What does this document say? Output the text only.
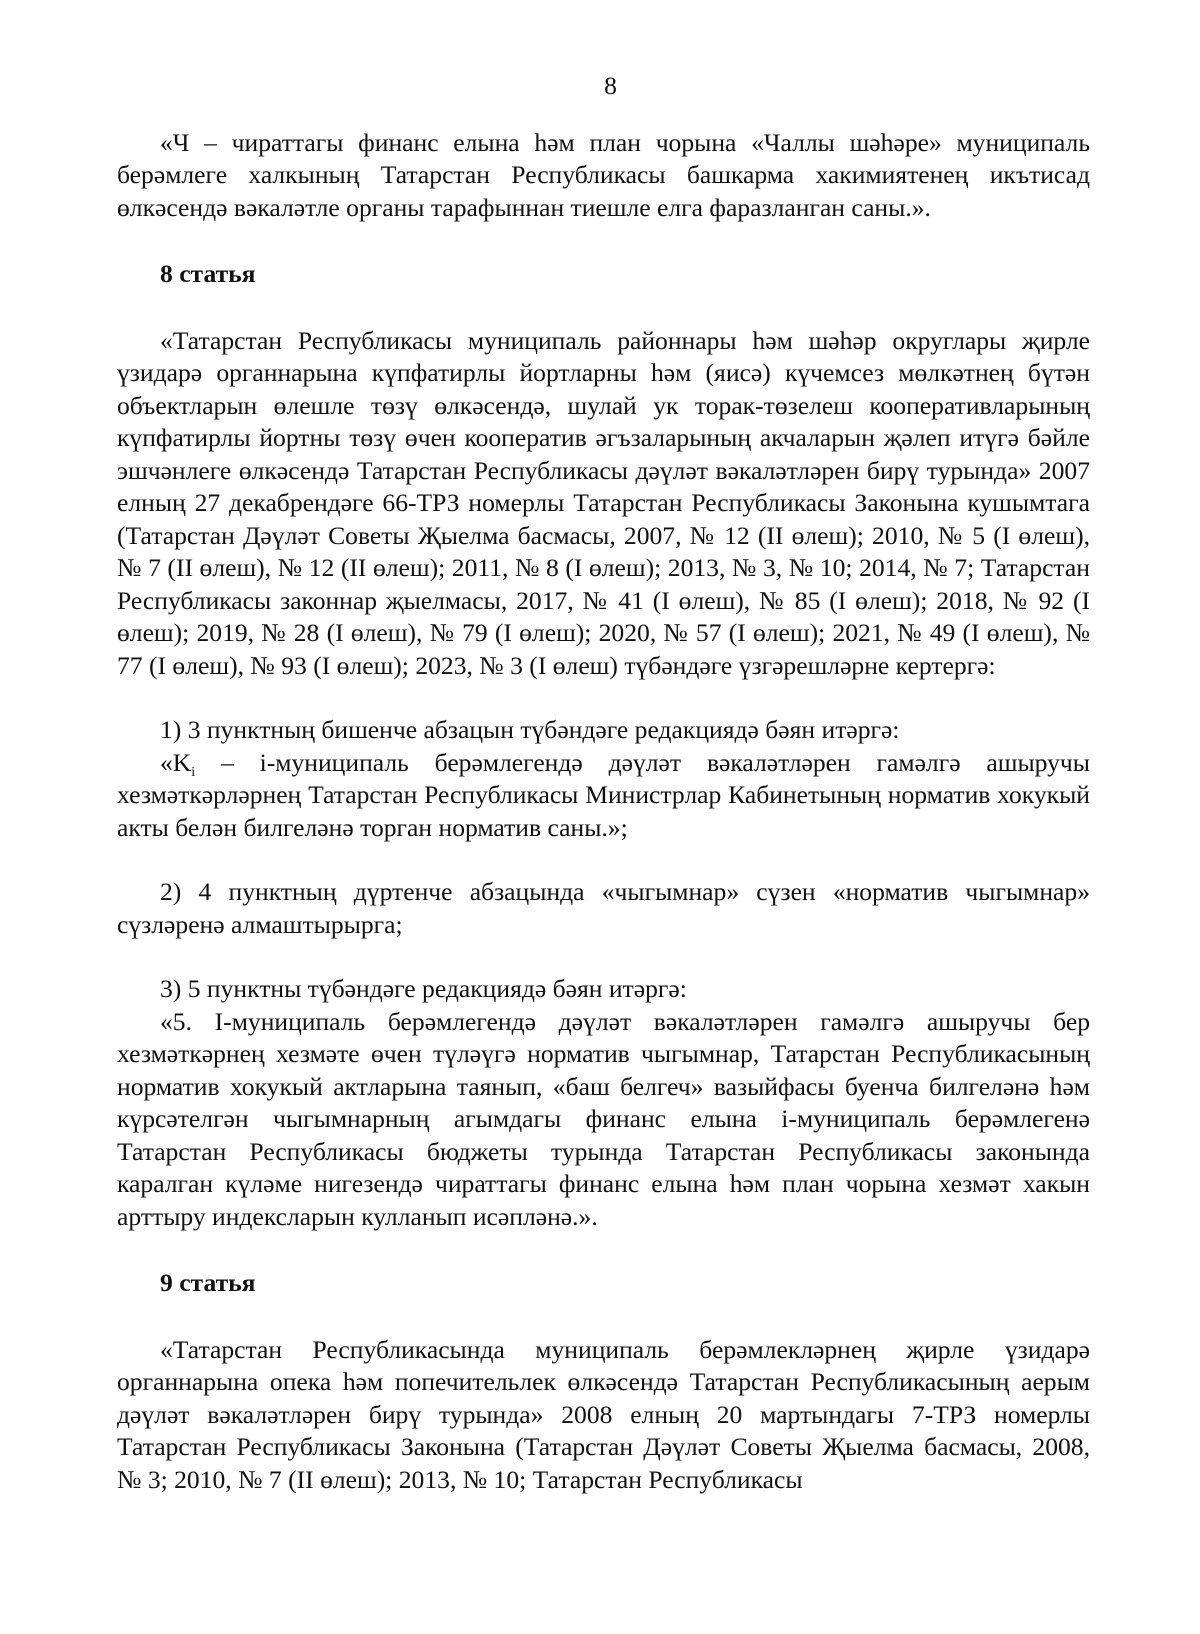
8

«Ч – чираттагы финанс елына һәм план чорына «Чаллы шәһәре» муниципаль берәмлеге халкының Татарстан Республикасы башкарма хакимиятенең икътисад өлкәсендә вәкаләтле органы тарафыннан тиешле елга фаразланган саны.».

8 статья

«Татарстан Республикасы муниципаль районнары һәм шәһәр округлары җирле үзидарә органнарына күпфатирлы йортларны һәм (яисә) күчемсез мөлкәтнең бүтән объектларын өлешле төзү өлкәсендә, шулай ук торак-төзелеш кооперативларының күпфатирлы йортны төзү өчен кооператив әгъзаларының акчаларын җәлеп итүгә бәйле эшчәнлеге өлкәсендә Татарстан Республикасы дәүләт вәкаләтләрен бирү турында» 2007 елның 27 декабрендәге 66-ТРЗ номерлы Татарстан Республикасы Законына кушымтага (Татарстан Дәүләт Советы Җыелма басмасы, 2007, № 12 (II өлеш); 2010, № 5 (I өлеш), № 7 (II өлеш), № 12 (II өлеш); 2011, № 8 (I өлеш); 2013, № 3, № 10; 2014, № 7; Татарстан Республикасы законнар җыелмасы, 2017, № 41 (I өлеш), № 85 (I өлеш); 2018, № 92 (I өлеш); 2019, № 28 (I өлеш), № 79 (I өлеш); 2020, № 57 (I өлеш); 2021, № 49 (I өлеш), № 77 (I өлеш), № 93 (I өлеш); 2023, № 3 (I өлеш) түбәндәге үзгәрешләрне кертергә:

1) 3 пунктның бишенче абзацын түбәндәге редакциядә бәян итәргә:

«$K_i$ – i-муниципаль берәмлегендә дәүләт вәкаләтләрен гамәлгә ашыручы хезмәткәрләрнең Татарстан Республикасы Министрлар Кабинетының норматив хокукый акты белән билгеләнә торган норматив саны.»;

2) 4 пунктның дүртенче абзацында «чыгымнар» сүзен «норматив чыгымнар» сүзләренә алмаштырырга;

3) 5 пунктны түбәндәге редакциядә бәян итәргә:

«5. I-муниципаль берәмлегендә дәүләт вәкаләтләрен гамәлгә ашыручы бер хезмәткәрнең хезмәте өчен түләүгә норматив чыгымнар, Татарстан Республикасының норматив хокукый актларына таянып, «баш белгеч» вазыйфасы буенча билгеләнә һәм күрсәтелгән чыгымнарның агымдагы финанс елына i-муниципаль берәмлегенә Татарстан Республикасы бюджеты турында Татарстан Республикасы законында каралган күләме нигезендә чираттагы финанс елына һәм план чорына хезмәт хакын арттыру индексларын кулланып исәпләнә.».

9 статья

«Татарстан Республикасында муниципаль берәмлекләрнең җирле үзидарә органнарына опека һәм попечительлек өлкәсендә Татарстан Республикасының аерым дәүләт вәкаләтләрен бирү турында» 2008 елның 20 мартындагы 7-ТРЗ номерлы Татарстан Республикасы Законына (Татарстан Дәүләт Советы Җыелма басмасы, 2008, № 3; 2010, № 7 (II өлеш); 2013, № 10; Татарстан Республикасы
